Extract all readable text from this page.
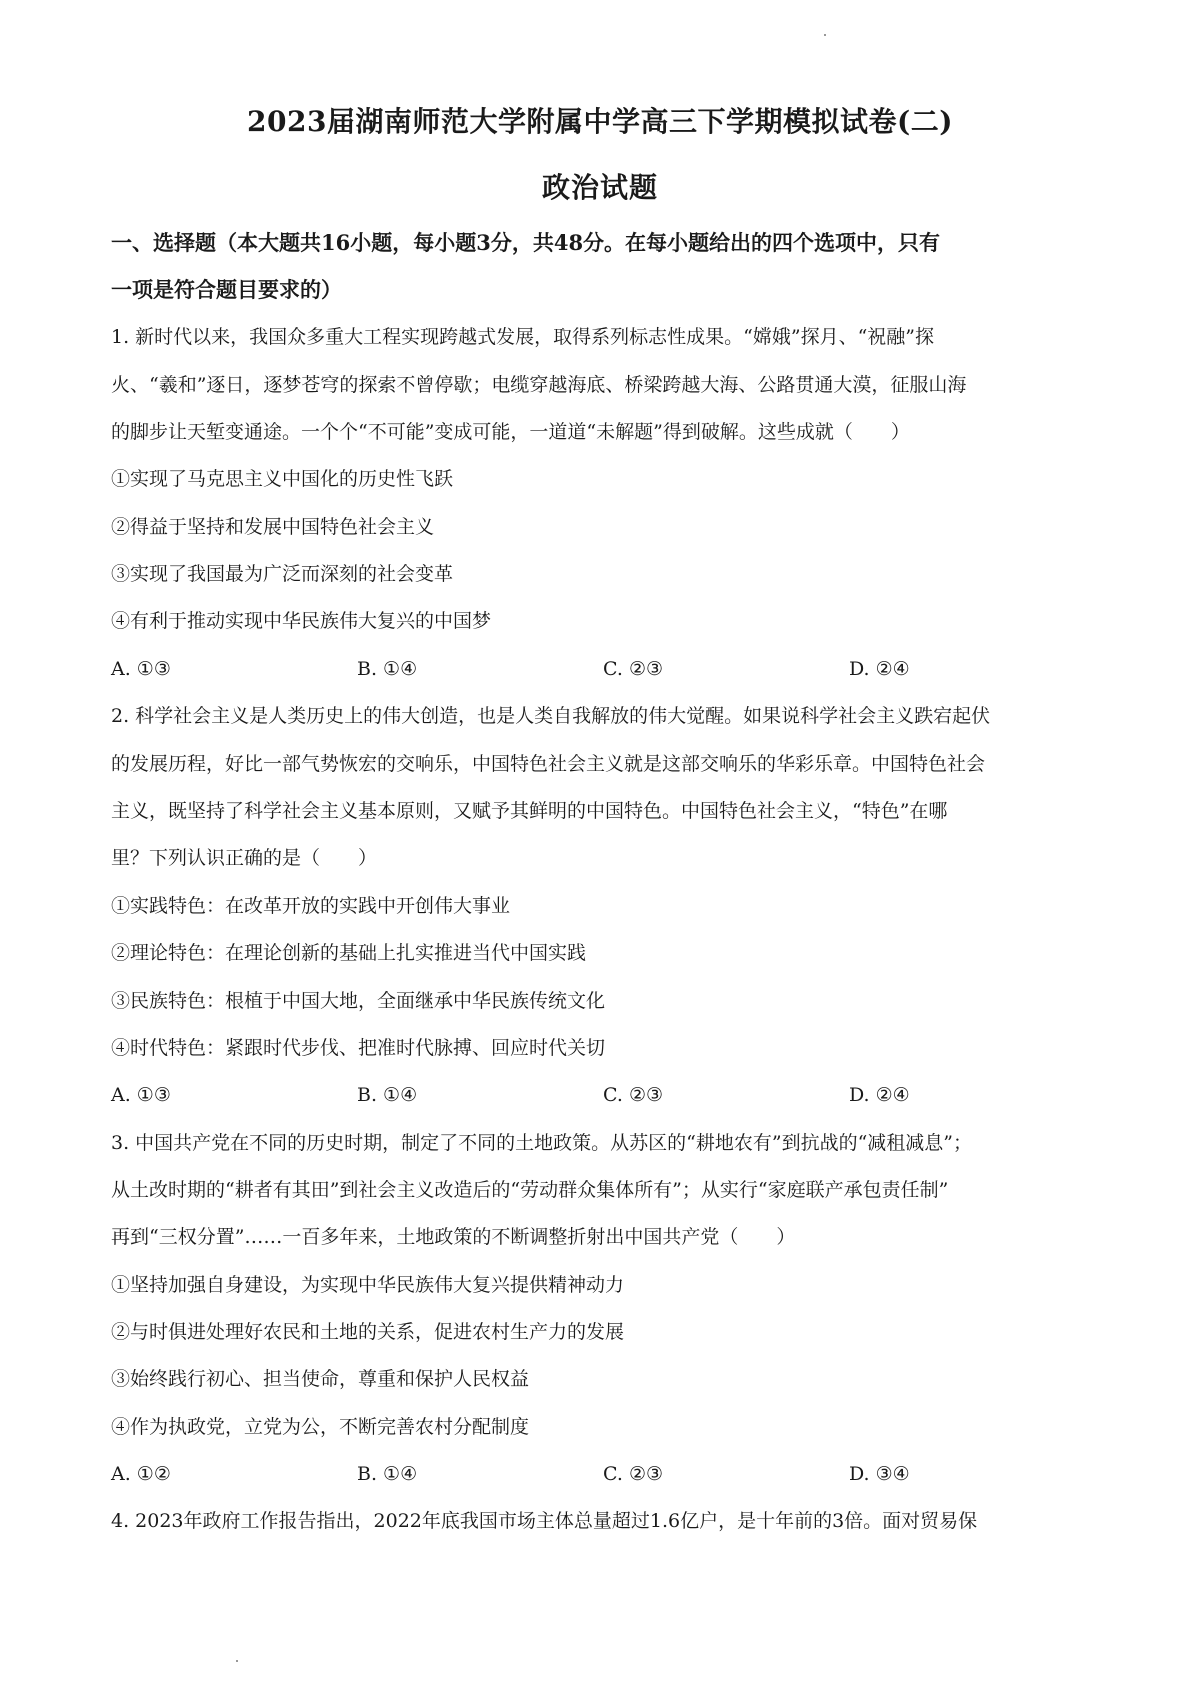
2023届湖南师范大学附属中学高三下学期模拟试卷(二)
政治试题
一、选择题（本大题共16小题，每小题3分，共48分。在每小题给出的四个选项中，只有
一项是符合题目要求的）
1. 新时代以来，我国众多重大工程实现跨越式发展，取得系列标志性成果。“嫦娥”探月、“祝融”探
火、“羲和”逐日，逐梦苍穹的探索不曾停歇；电缆穿越海底、桥梁跨越大海、公路贯通大漠，征服山海
的脚步让天堑变通途。一个个“不可能”变成可能，一道道“未解题”得到破解。这些成就（　　）
①实现了马克思主义中国化的历史性飞跃
②得益于坚持和发展中国特色社会主义
③实现了我国最为广泛而深刻的社会变革
④有利于推动实现中华民族伟大复兴的中国梦
A. ①③	B. ①④	C. ②③	D. ②④
2. 科学社会主义是人类历史上的伟大创造，也是人类自我解放的伟大觉醒。如果说科学社会主义跌宕起伏
的发展历程，好比一部气势恢宏的交响乐，中国特色社会主义就是这部交响乐的华彩乐章。中国特色社会
主义，既坚持了科学社会主义基本原则，又赋予其鲜明的中国特色。中国特色社会主义，“特色”在哪
里？下列认识正确的是（　　）
①实践特色：在改革开放的实践中开创伟大事业
②理论特色：在理论创新的基础上扎实推进当代中国实践
③民族特色：根植于中国大地，全面继承中华民族传统文化
④时代特色：紧跟时代步伐、把准时代脉搏、回应时代关切
A. ①③	B. ①④	C. ②③	D. ②④
3. 中国共产党在不同的历史时期，制定了不同的土地政策。从苏区的“耕地农有”到抗战的“减租减息”；
从土改时期的“耕者有其田”到社会主义改造后的“劳动群众集体所有”；从实行“家庭联产承包责任制”
再到“三权分置”……一百多年来，土地政策的不断调整折射出中国共产党（　　）
①坚持加强自身建设，为实现中华民族伟大复兴提供精神动力
②与时俱进处理好农民和土地的关系，促进农村生产力的发展
③始终践行初心、担当使命，尊重和保护人民权益
④作为执政党，立党为公，不断完善农村分配制度
A. ①②	B. ①④	C. ②③	D. ③④
4. 2023年政府工作报告指出，2022年底我国市场主体总量超过1.6亿户，是十年前的3倍。面对贸易保
